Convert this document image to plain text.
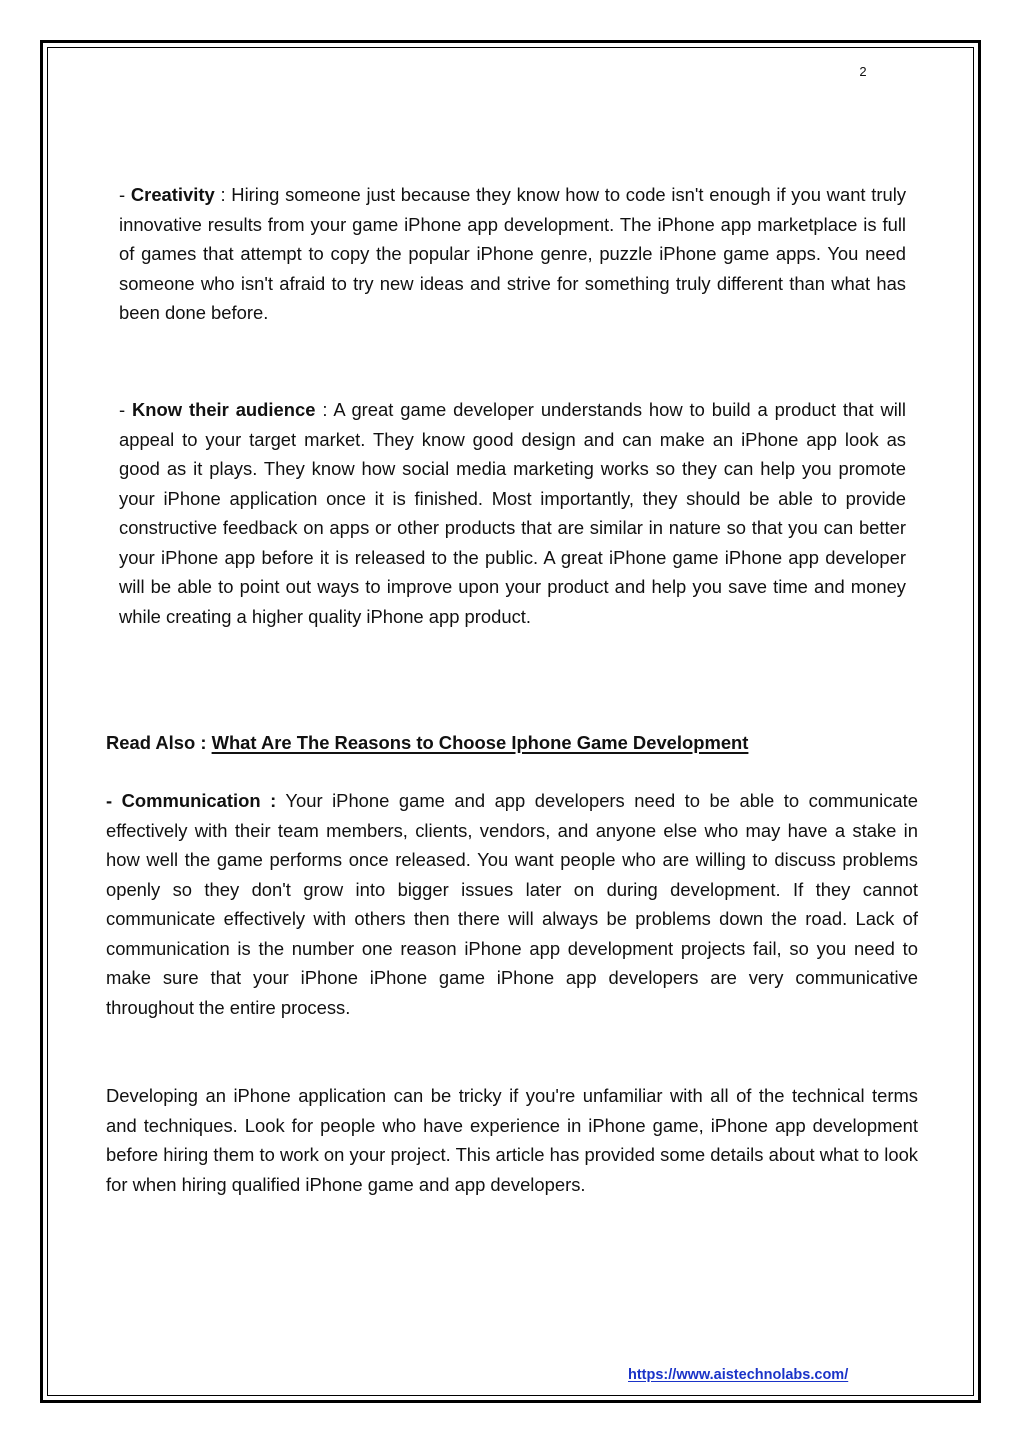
2

- Creativity : Hiring someone just because they know how to code isn't enough if you want truly innovative results from your game iPhone app development. The iPhone app marketplace is full of games that attempt to copy the popular iPhone genre, puzzle iPhone game apps. You need someone who isn't afraid to try new ideas and strive for something truly different than what has been done before.

- Know their audience : A great game developer understands how to build a product that will appeal to your target market. They know good design and can make an iPhone app look as good as it plays. They know how social media marketing works so they can help you promote your iPhone application once it is finished. Most importantly, they should be able to provide constructive feedback on apps or other products that are similar in nature so that you can better your iPhone app before it is released to the public. A great iPhone game iPhone app developer will be able to point out ways to improve upon your product and help you save time and money while creating a higher quality iPhone app product.

Read Also : What Are The Reasons to Choose Iphone Game Development

- Communication : Your iPhone game and app developers need to be able to communicate effectively with their team members, clients, vendors, and anyone else who may have a stake in how well the game performs once released. You want people who are willing to discuss problems openly so they don't grow into bigger issues later on during development. If they cannot communicate effectively with others then there will always be problems down the road. Lack of communication is the number one reason iPhone app development projects fail, so you need to make sure that your iPhone iPhone game iPhone app developers are very communicative throughout the entire process.

Developing an iPhone application can be tricky if you're unfamiliar with all of the technical terms and techniques. Look for people who have experience in iPhone game, iPhone app development before hiring them to work on your project. This article has provided some details about what to look for when hiring qualified iPhone game and app developers.

https://www.aistechnolabs.com/
